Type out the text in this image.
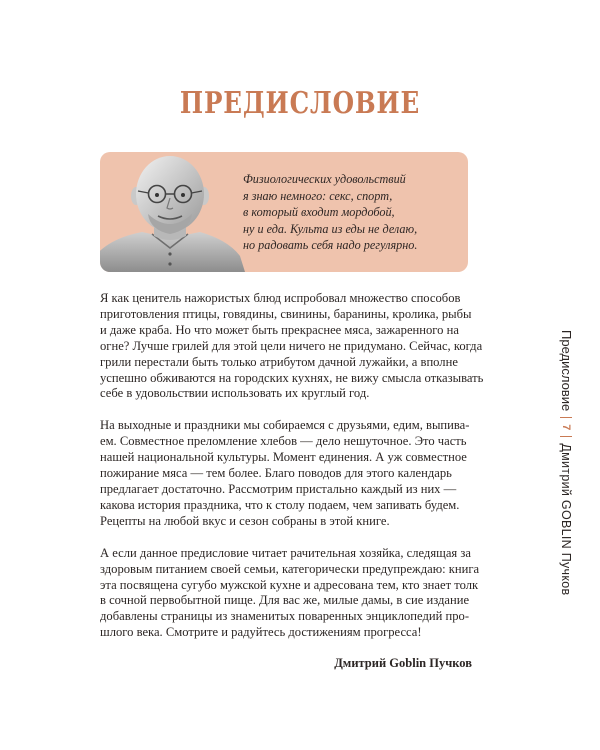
ПРЕДИСЛОВИЕ
Физиологических удовольствий
я знаю немного: секс, спорт,
в который входит мордобой,
ну и еда. Культа из еды не делаю,
но радовать себя надо регулярно.

Я как ценитель нажористых блюд испробовал множество способов
приготовления птицы, говядины, свинины, баранины, кролика, рыбы
и даже краба. Но что может быть прекраснее мяса, зажаренного на
огне? Лучше грилей для этой цели ничего не придумано. Сейчас, когда
грили перестали быть только атрибутом дачной лужайки, а вполне
успешно обживаются на городских кухнях, не вижу смысла отказывать
себе в удовольствии использовать их круглый год.

На выходные и праздники мы собираемся с друзьями, едим, выпива-
ем. Совместное преломление хлебов — дело нешуточное. Это часть
нашей национальной культуры. Момент единения. А уж совместное
пожирание мяса — тем более. Благо поводов для этого календарь
предлагает достаточно. Рассмотрим пристально каждый из них —
какова история праздника, что к столу подаем, чем запивать будем.
Рецепты на любой вкус и сезон собраны в этой книге.

А если данное предисловие читает рачительная хозяйка, следящая за
здоровым питанием своей семьи, категорически предупреждаю: книга
эта посвящена сугубо мужской кухне и адресована тем, кто знает толк
в сочной первобытной пище. Для вас же, милые дамы, в сие издание
добавлены страницы из знаменитых поваренных энциклопедий про-
шлого века. Смотрите и радуйтесь достижениям прогресса!

Дмитрий Goblin Пучков
Предисловие
7
Дмитрий GOBLIN Пучков
